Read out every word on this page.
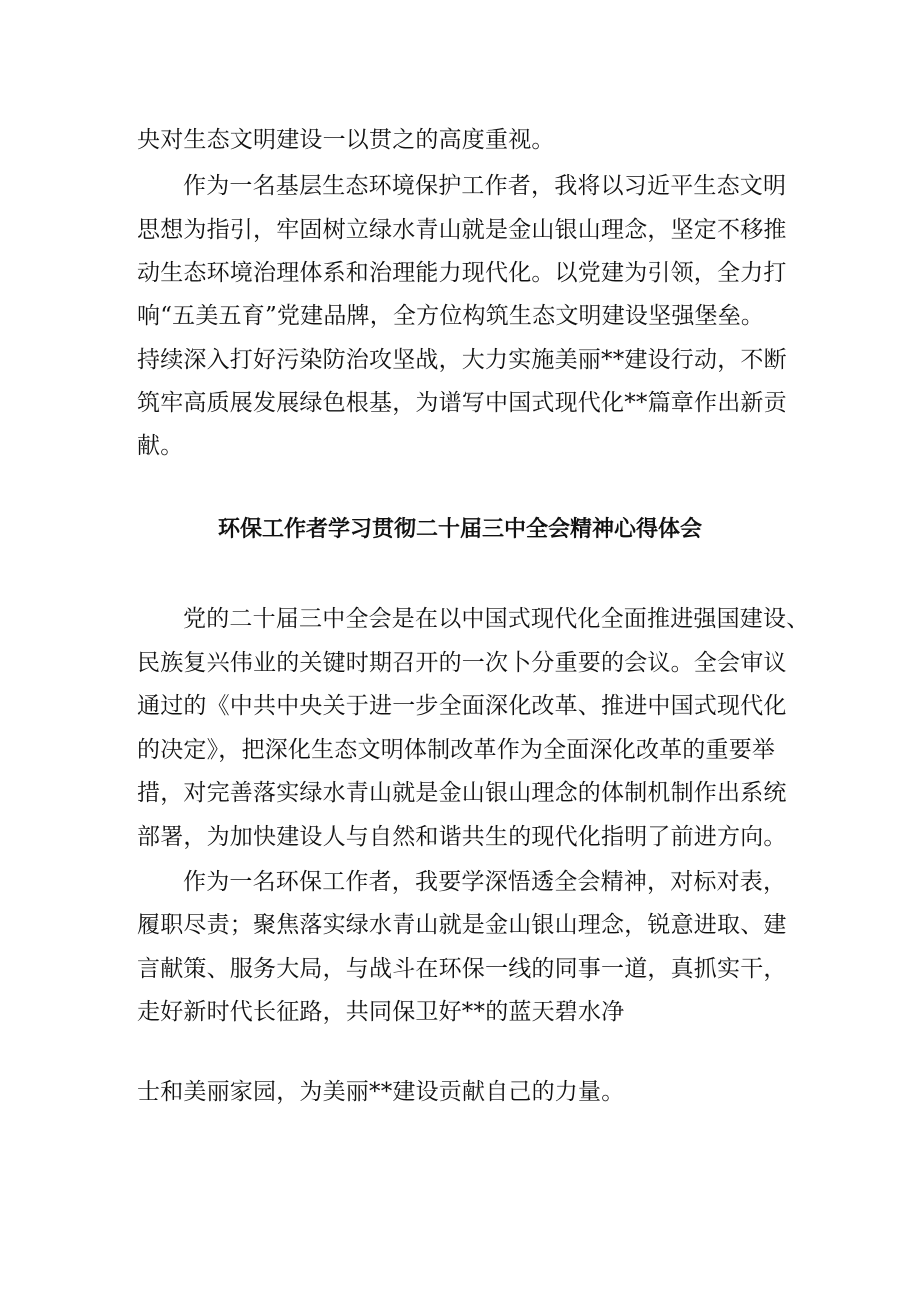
央对生态文明建设一以贯之的高度重视。
作为一名基层生态环境保护工作者，我将以习近平生态文明
思想为指引，牢固树立绿水青山就是金山银山理念，坚定不移推
动生态环境治理体系和治理能力现代化。以党建为引领，全力打
响“五美五育”党建品牌，全方位构筑生态文明建设坚强堡垒。
持续深入打好污染防治攻坚战，大力实施美丽**建设行动，不断
筑牢高质展发展绿色根基，为谱写中国式现代化**篇章作出新贡
献。
环保工作者学习贯彻二十届三中全会精神心得体会
党的二十届三中全会是在以中国式现代化全面推进强国建设、
民族复兴伟业的关键时期召开的一次卜分重要的会议。全会审议
通过的《中共中央关于进一步全面深化改革、推进中国式现代化
的决定》，把深化生态文明体制改革作为全面深化改革的重要举
措，对完善落实绿水青山就是金山银山理念的体制机制作出系统
部署，为加快建设人与自然和谐共生的现代化指明了前进方向。
作为一名环保工作者，我要学深悟透全会精神，对标对表，
履职尽责；聚焦落实绿水青山就是金山银山理念，锐意进取、建
言献策、服务大局，与战斗在环保一线的同事一道，真抓实干，
走好新时代长征路，共同保卫好**的蓝天碧水净
士和美丽家园，为美丽**建设贡献自己的力量。
